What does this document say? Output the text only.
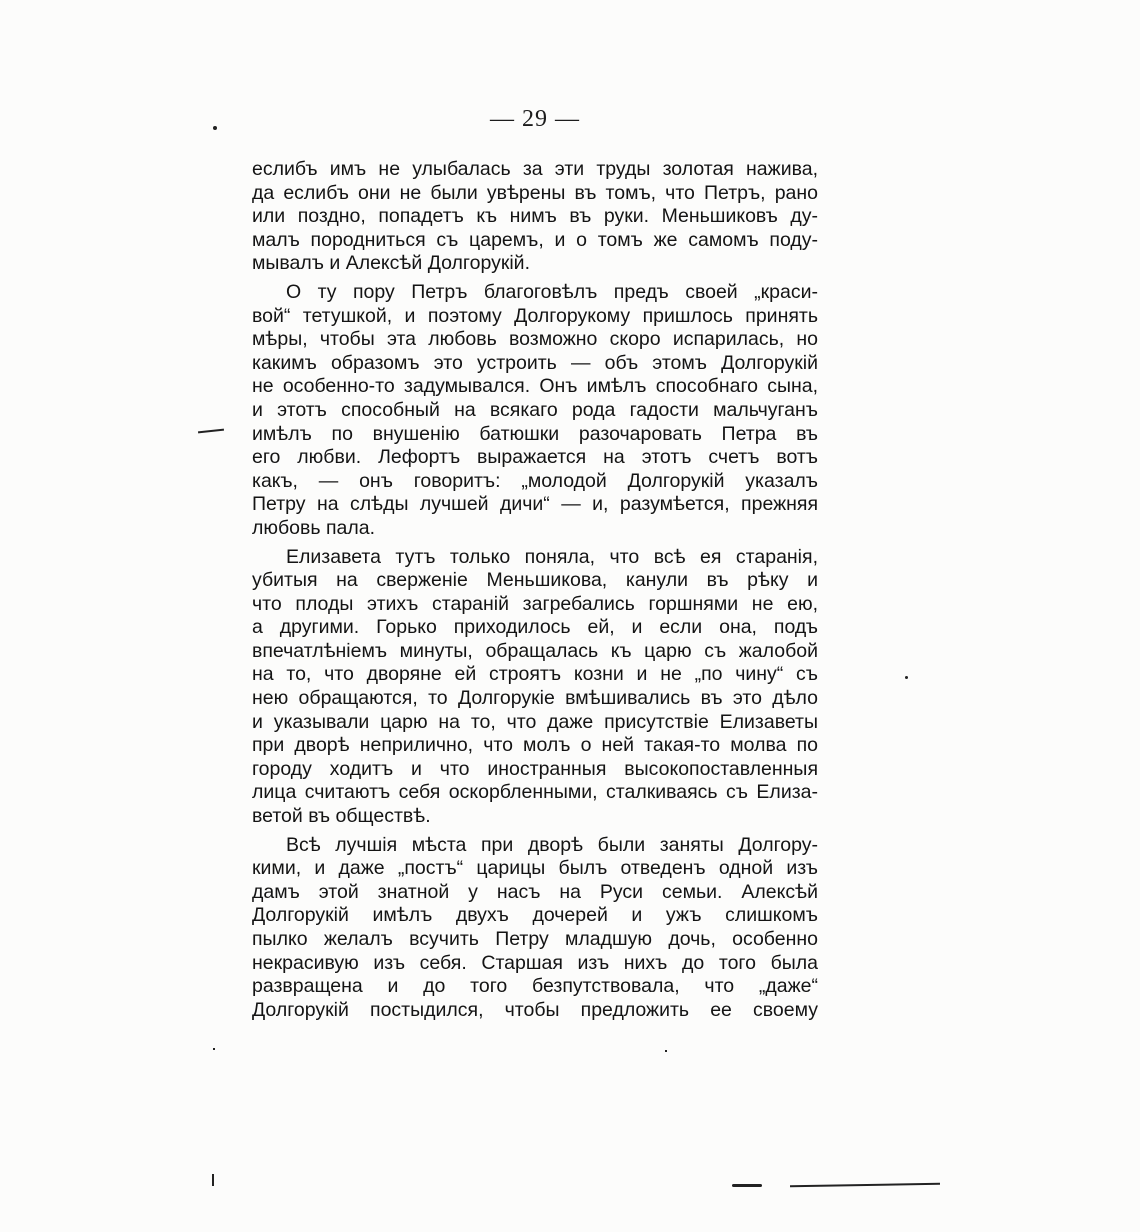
— 29 —
еслибъ имъ не улыбалась за эти труды золотая нажива,
да еслибъ они не были увѣрены въ томъ, что Петръ, рано
или поздно, попадетъ къ нимъ въ руки. Меньшиковъ ду-
малъ породниться съ царемъ, и о томъ же самомъ поду-
мывалъ и Алексѣй Долгорукій.
О ту пору Петръ благоговѣлъ предъ своей „краси-
вой“ тетушкой, и поэтому Долгорукому пришлось принять
мѣры, чтобы эта любовь возможно скоро испарилась, но
какимъ образомъ это устроить — объ этомъ Долгорукій
не особенно-то задумывался. Онъ имѣлъ способнаго сына,
и этотъ способный на всякаго рода гадости мальчуганъ
имѣлъ по внушенію батюшки разочаровать Петра въ
его любви. Лефортъ выражается на этотъ счетъ вотъ
какъ, — онъ говоритъ: „молодой Долгорукій указалъ
Петру на слѣды лучшей дичи“ — и, разумѣется, прежняя
любовь пала.
Елизавета тутъ только поняла, что всѣ ея старанія,
убитыя на сверженіе Меньшикова, канули въ рѣку и
что плоды этихъ стараній загребались горшнями не ею,
а другими. Горько приходилось ей, и если она, подъ
впечатлѣніемъ минуты, обращалась къ царю съ жалобой
на то, что дворяне ей строятъ козни и не „по чину“ съ
нею обращаются, то Долгорукіе вмѣшивались въ это дѣло
и указывали царю на то, что даже присутствіе Елизаветы
при дворѣ неприлично, что молъ о ней такая-то молва по
городу ходитъ и что иностранныя высокопоставленныя
лица считаютъ себя оскорбленными, сталкиваясь съ Елиза-
ветой въ обществѣ.
Всѣ лучшія мѣста при дворѣ были заняты Долгору-
кими, и даже „постъ“ царицы былъ отведенъ одной изъ
дамъ этой знатной у насъ на Руси семьи. Алексѣй
Долгорукій имѣлъ двухъ дочерей и ужъ слишкомъ
пылко желалъ всучить Петру младшую дочь, особенно
некрасивую изъ себя. Старшая изъ нихъ до того была
развращена и до того безпутствовала, что „даже“
Долгорукій постыдился, чтобы предложить ее своему
